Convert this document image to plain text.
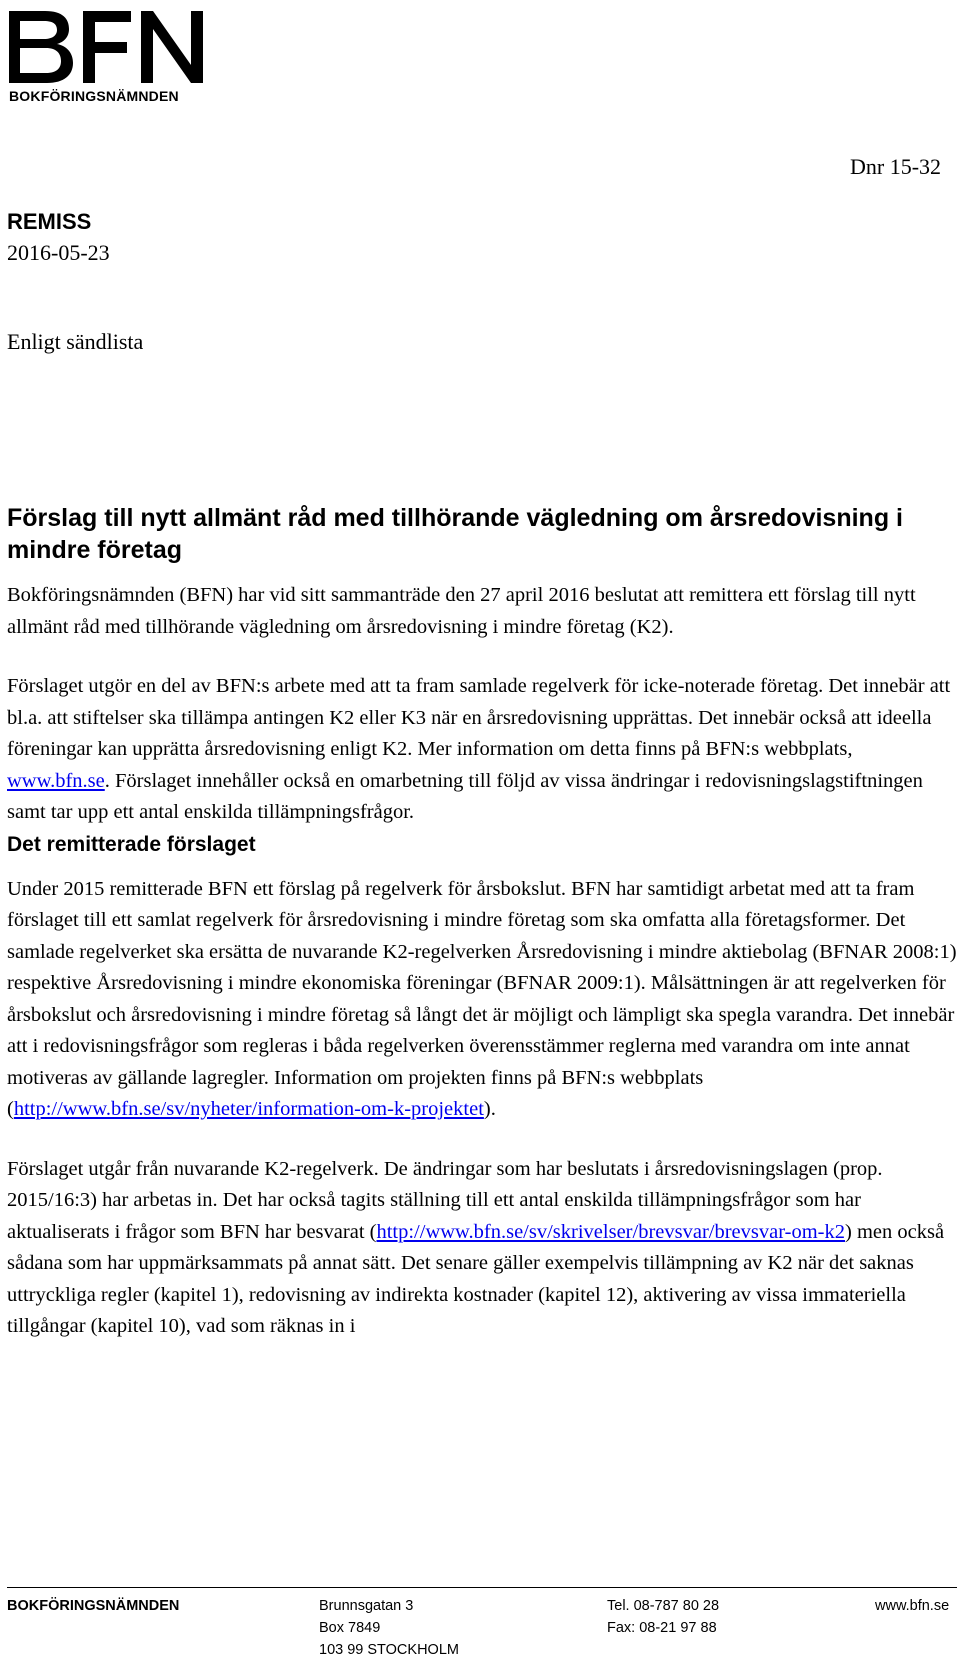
BOKFÖRINGSNÄMNDEN
Dnr 15-32
REMISS
2016-05-23
Enligt sändlista
Förslag till nytt allmänt råd med tillhörande vägledning om årsredovisning i mindre företag

Bokföringsnämnden (BFN) har vid sitt sammanträde den 27 april 2016 beslutat att remittera ett förslag till nytt allmänt råd med tillhörande vägledning om årsredovisning i mindre företag (K2).

Förslaget utgör en del av BFN:s arbete med att ta fram samlade regelverk för icke-noterade företag. Det innebär att bl.a. att stiftelser ska tillämpa antingen K2 eller K3 när en årsredovisning upprättas. Det innebär också att ideella föreningar kan upprätta årsredovisning enligt K2. Mer information om detta finns på BFN:s webbplats, www.bfn.se. Förslaget innehåller också en omarbetning till följd av vissa ändringar i redovisningslagstiftningen samt tar upp ett antal enskilda tillämpningsfrågor.

Det remitterade förslaget

Under 2015 remitterade BFN ett förslag på regelverk för årsbokslut. BFN har samtidigt arbetat med att ta fram förslaget till ett samlat regelverk för årsredovisning i mindre företag som ska omfatta alla företagsformer. Det samlade regelverket ska ersätta de nuvarande K2-regelverken Årsredovisning i mindre aktiebolag (BFNAR 2008:1) respektive Årsredovisning i mindre ekonomiska föreningar (BFNAR 2009:1). Målsättningen är att regelverken för årsbokslut och årsredovisning i mindre företag så långt det är möjligt och lämpligt ska spegla varandra. Det innebär att i redovisningsfrågor som regleras i båda regelverken överensstämmer reglerna med varandra om inte annat motiveras av gällande lagregler. Information om projekten finns på BFN:s webbplats (http://www.bfn.se/sv/nyheter/information-om-k-projektet).

Förslaget utgår från nuvarande K2-regelverk. De ändringar som har beslutats i årsredovisningslagen (prop. 2015/16:3) har arbetas in. Det har också tagits ställning till ett antal enskilda tillämpningsfrågor som har aktualiserats i frågor som BFN har besvarat (http://www.bfn.se/sv/skrivelser/brevsvar/brevsvar-om-k2) men också sådana som har uppmärksammats på annat sätt. Det senare gäller exempelvis tillämpning av K2 när det saknas uttryckliga regler (kapitel 1), redovisning av indirekta kostnader (kapitel 12), aktivering av vissa immateriella tillgångar (kapitel 10), vad som räknas in i

BOKFÖRINGSNÄMNDEN	Brunnsgatan 3
Box 7849
103 99 STOCKHOLM
Tel. 08-787 80 28
Fax: 08-21 97 88
www.bfn.se
